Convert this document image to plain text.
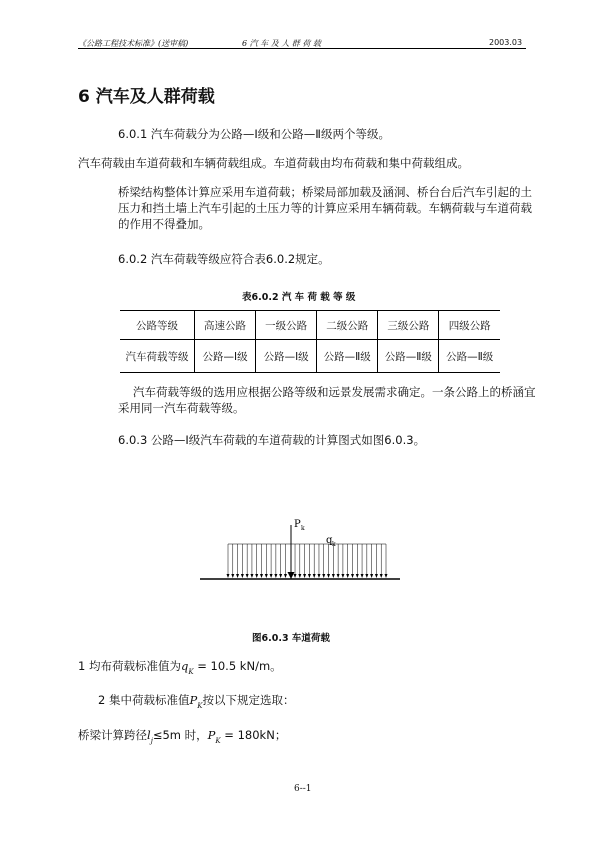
《公路工程技术标准》(送审稿)	6 汽 车 及 人 群 荷 载	2003.03
6 汽车及人群荷载
6.0.1 汽车荷载分为公路—Ⅰ级和公路—Ⅱ级两个等级。
汽车荷载由车道荷载和车辆荷载组成。车道荷载由均布荷载和集中荷载组成。
桥梁结构整体计算应采用车道荷载；桥梁局部加载及涵洞、桥台台后汽车引起的土
压力和挡土墙上汽车引起的土压力等的计算应采用车辆荷载。车辆荷载与车道荷载
的作用不得叠加。
6.0.2 汽车荷载等级应符合表6.0.2规定。
表6.0.2 汽 车 荷 载 等 级
公路等级	高速公路	一级公路	二级公路	三级公路	四级公路
汽车荷载等级	公路—Ⅰ级	公路—Ⅰ级	公路—Ⅱ级	公路—Ⅱ级	公路—Ⅱ级
汽车荷载等级的选用应根据公路等级和远景发展需求确定。一条公路上的桥涵宜
采用同一汽车荷载等级。
6.0.3 公路—Ⅰ级汽车荷载的车道荷载的计算图式如图6.0.3。
P k
q k
图6.0.3 车道荷载
1 均布荷载标准值为$q_K = 10.5$ kN/m。
2 集中荷载标准值$P_K$按以下规定选取：
桥梁计算跨径$l_j\le 5m$ 时，$P_K = 180kN$；
6--1
